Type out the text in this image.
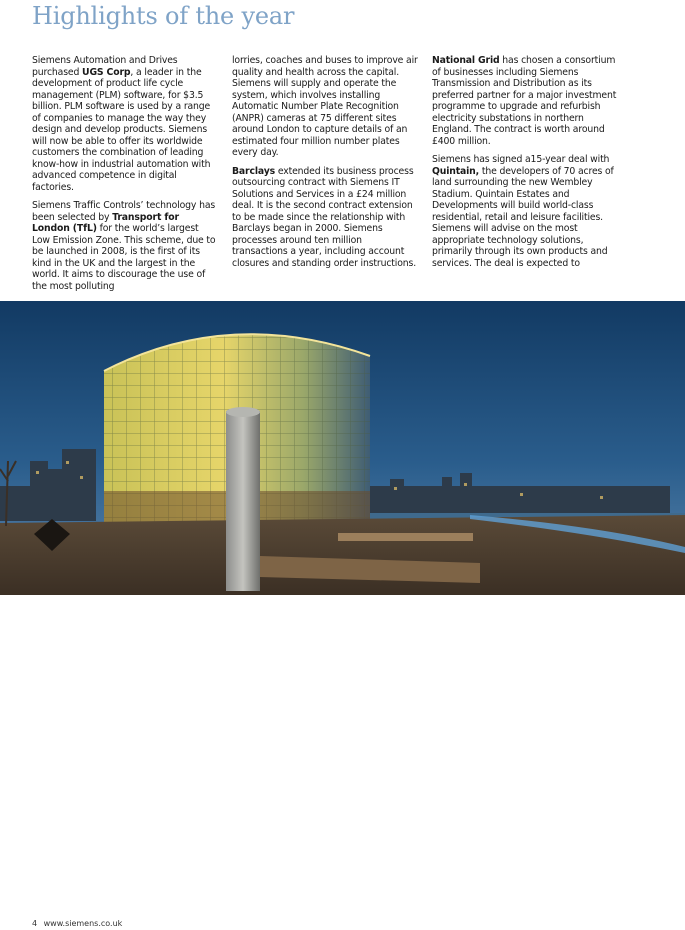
Highlights of the year

Siemens Automation and Drives purchased UGS Corp, a leader in the development of product life cycle management (PLM) software, for $3.5 billion. PLM software is used by a range of companies to manage the way they design and develop products. Siemens will now be able to offer its worldwide customers the combination of leading know-how in industrial automation with advanced competence in digital factories.

Siemens Traffic Controls’ technology has been selected by Transport for London (TfL) for the world’s largest Low Emission Zone. This scheme, due to be launched in 2008, is the first of its kind in the UK and the largest in the world. It aims to discourage the use of the most polluting

lorries, coaches and buses to improve air quality and health across the capital. Siemens will supply and operate the system, which involves installing Automatic Number Plate Recognition (ANPR) cameras at 75 different sites around London to capture details of an estimated four million number plates every day.

Barclays extended its business process outsourcing contract with Siemens IT Solutions and Services in a £24 million deal. It is the second contract extension to be made since the relationship with Barclays began in 2000. Siemens processes around ten million transactions a year, including account closures and standing order instructions.

National Grid has chosen a consortium of businesses including Siemens Transmission and Distribution as its preferred partner for a major investment programme to upgrade and refurbish electricity substations in northern England. The contract is worth around £400 million.

Siemens has signed a15-year deal with Quintain, the developers of 70 acres of land surrounding the new Wembley Stadium. Quintain Estates and Developments will build world-class residential, retail and leisure facilities. Siemens will advise on the most appropriate technology solutions, primarily through its own products and services. The deal is expected to

4 www.siemens.co.uk
